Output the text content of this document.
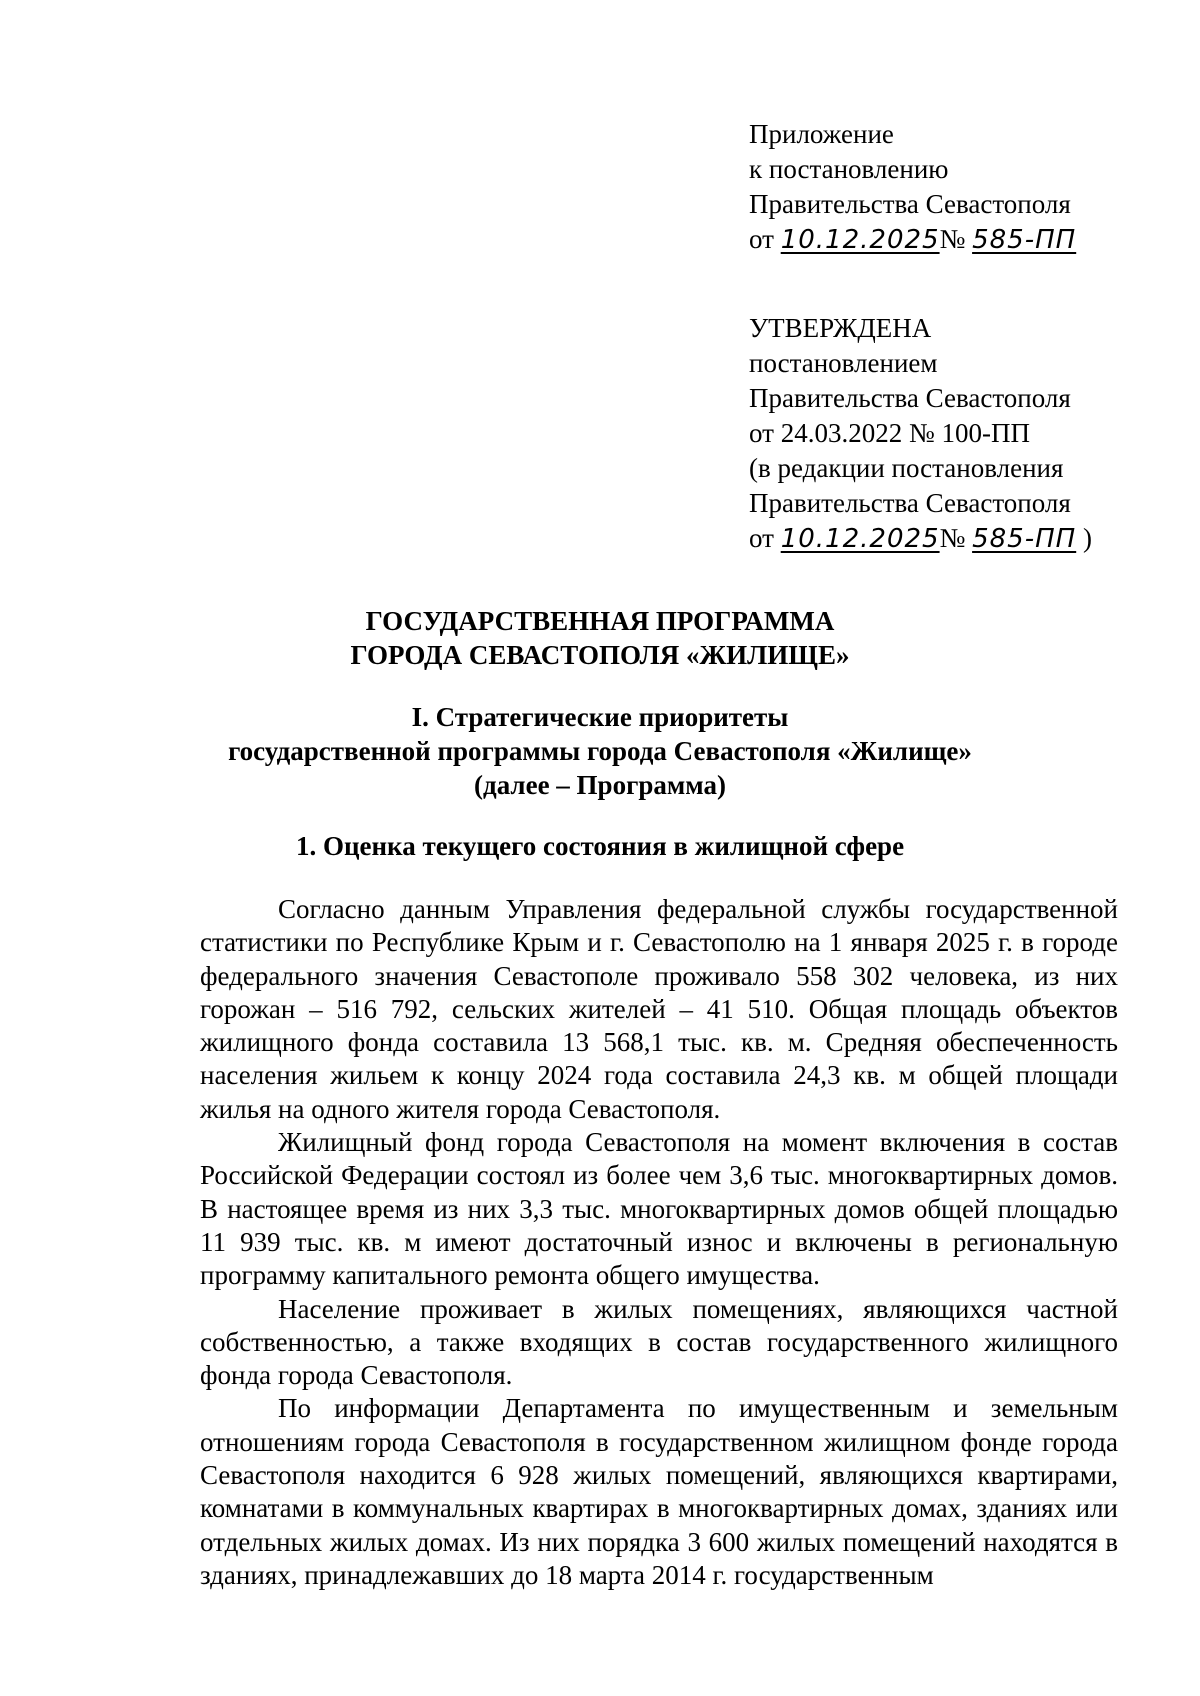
Приложение
к постановлению
Правительства Севастополя
от 10.12.2025№ 585-ПП
УТВЕРЖДЕНА
постановлением
Правительства Севастополя
от 24.03.2022 № 100-ПП
(в редакции постановления
Правительства Севастополя
от 10.12.2025№ 585-ПП )
ГОСУДАРСТВЕННАЯ ПРОГРАММА
ГОРОДА СЕВАСТОПОЛЯ «ЖИЛИЩЕ»
I. Стратегические приоритеты
государственной программы города Севастополя «Жилище»
(далее – Программа)
1. Оценка текущего состояния в жилищной сфере

Согласно данным Управления федеральной службы государственной статистики по Республике Крым и г. Севастополю на 1 января 2025 г. в городе федерального значения Севастополе проживало 558 302 человека, из них горожан – 516 792, сельских жителей – 41 510. Общая площадь объектов жилищного фонда составила 13 568,1 тыс. кв. м. Средняя обеспеченность населения жильем к концу 2024 года составила 24,3 кв. м общей площади жилья на одного жителя города Севастополя.

Жилищный фонд города Севастополя на момент включения в состав Российской Федерации состоял из более чем 3,6 тыс. многоквартирных домов. В настоящее время из них 3,3 тыс. многоквартирных домов общей площадью 11 939 тыс. кв. м имеют достаточный износ и включены в региональную программу капитального ремонта общего имущества.

Население проживает в жилых помещениях, являющихся частной собственностью, а также входящих в состав государственного жилищного фонда города Севастополя.

По информации Департамента по имущественным и земельным отношениям города Севастополя в государственном жилищном фонде города Севастополя находится 6 928 жилых помещений, являющихся квартирами, комнатами в коммунальных квартирах в многоквартирных домах, зданиях или отдельных жилых домах. Из них порядка 3 600 жилых помещений находятся в зданиях, принадлежавших до 18 марта 2014 г. государственным
